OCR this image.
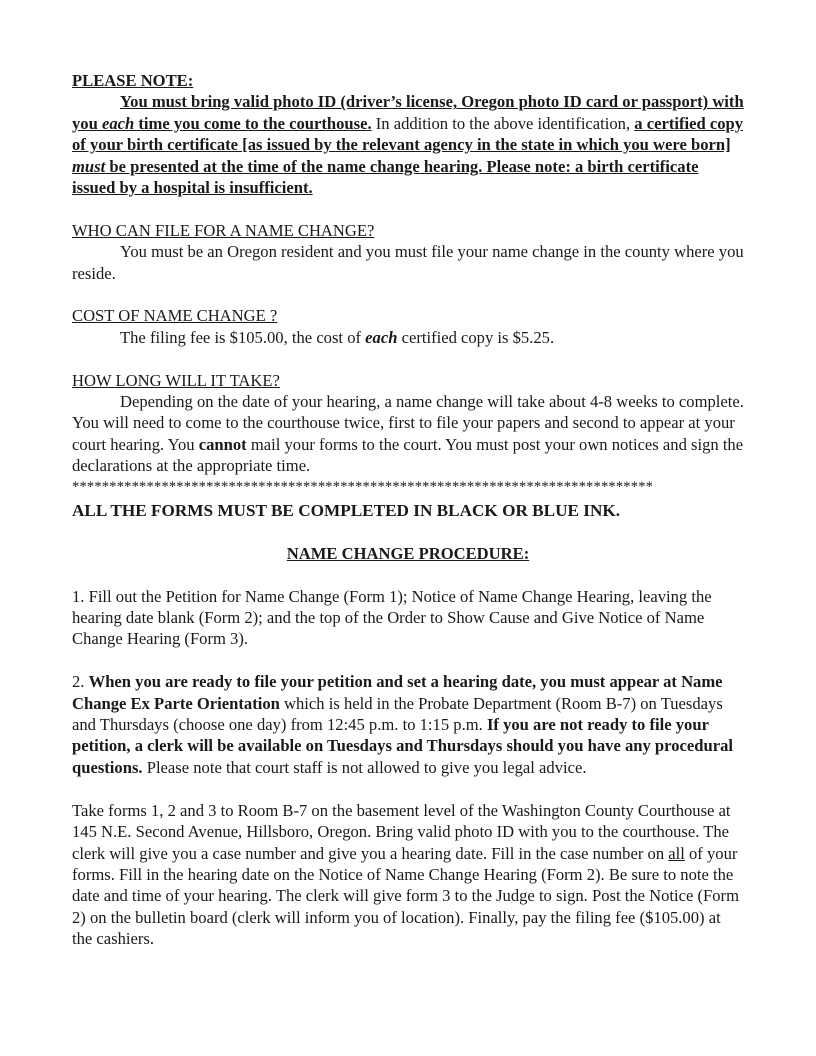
PLEASE NOTE:

You must bring valid photo ID (driver’s license, Oregon photo ID card or passport) with you each time you come to the courthouse. In addition to the above identification, a certified copy of your birth certificate [as issued by the relevant agency in the state in which you were born] must be presented at the time of the name change hearing. Please note: a birth certificate issued by a hospital is insufficient.

WHO CAN FILE FOR A NAME CHANGE?

You must be an Oregon resident and you must file your name change in the county where you reside.

COST OF NAME CHANGE ?

The filing fee is $105.00, the cost of each certified copy is $5.25.

HOW LONG WILL IT TAKE?

Depending on the date of your hearing, a name change will take about 4-8 weeks to complete. You will need to come to the courthouse twice, first to file your papers and second to appear at your court hearing. You cannot mail your forms to the court. You must post your own notices and sign the declarations at the appropriate time.

******************************************************************************

ALL THE FORMS MUST BE COMPLETED IN BLACK OR BLUE INK.

NAME CHANGE PROCEDURE:

1. Fill out the Petition for Name Change (Form 1); Notice of Name Change Hearing, leaving the hearing date blank (Form 2); and the top of the Order to Show Cause and Give Notice of Name Change Hearing (Form 3).

2. When you are ready to file your petition and set a hearing date, you must appear at Name Change Ex Parte Orientation which is held in the Probate Department (Room B-7) on Tuesdays and Thursdays (choose one day) from 12:45 p.m. to 1:15 p.m. If you are not ready to file your petition, a clerk will be available on Tuesdays and Thursdays should you have any procedural questions. Please note that court staff is not allowed to give you legal advice.

Take forms 1, 2 and 3 to Room B-7 on the basement level of the Washington County Courthouse at 145 N.E. Second Avenue, Hillsboro, Oregon. Bring valid photo ID with you to the courthouse. The clerk will give you a case number and give you a hearing date. Fill in the case number on all of your forms. Fill in the hearing date on the Notice of Name Change Hearing (Form 2). Be sure to note the date and time of your hearing. The clerk will give form 3 to the Judge to sign. Post the Notice (Form 2) on the bulletin board (clerk will inform you of location). Finally, pay the filing fee ($105.00) at the cashiers.
